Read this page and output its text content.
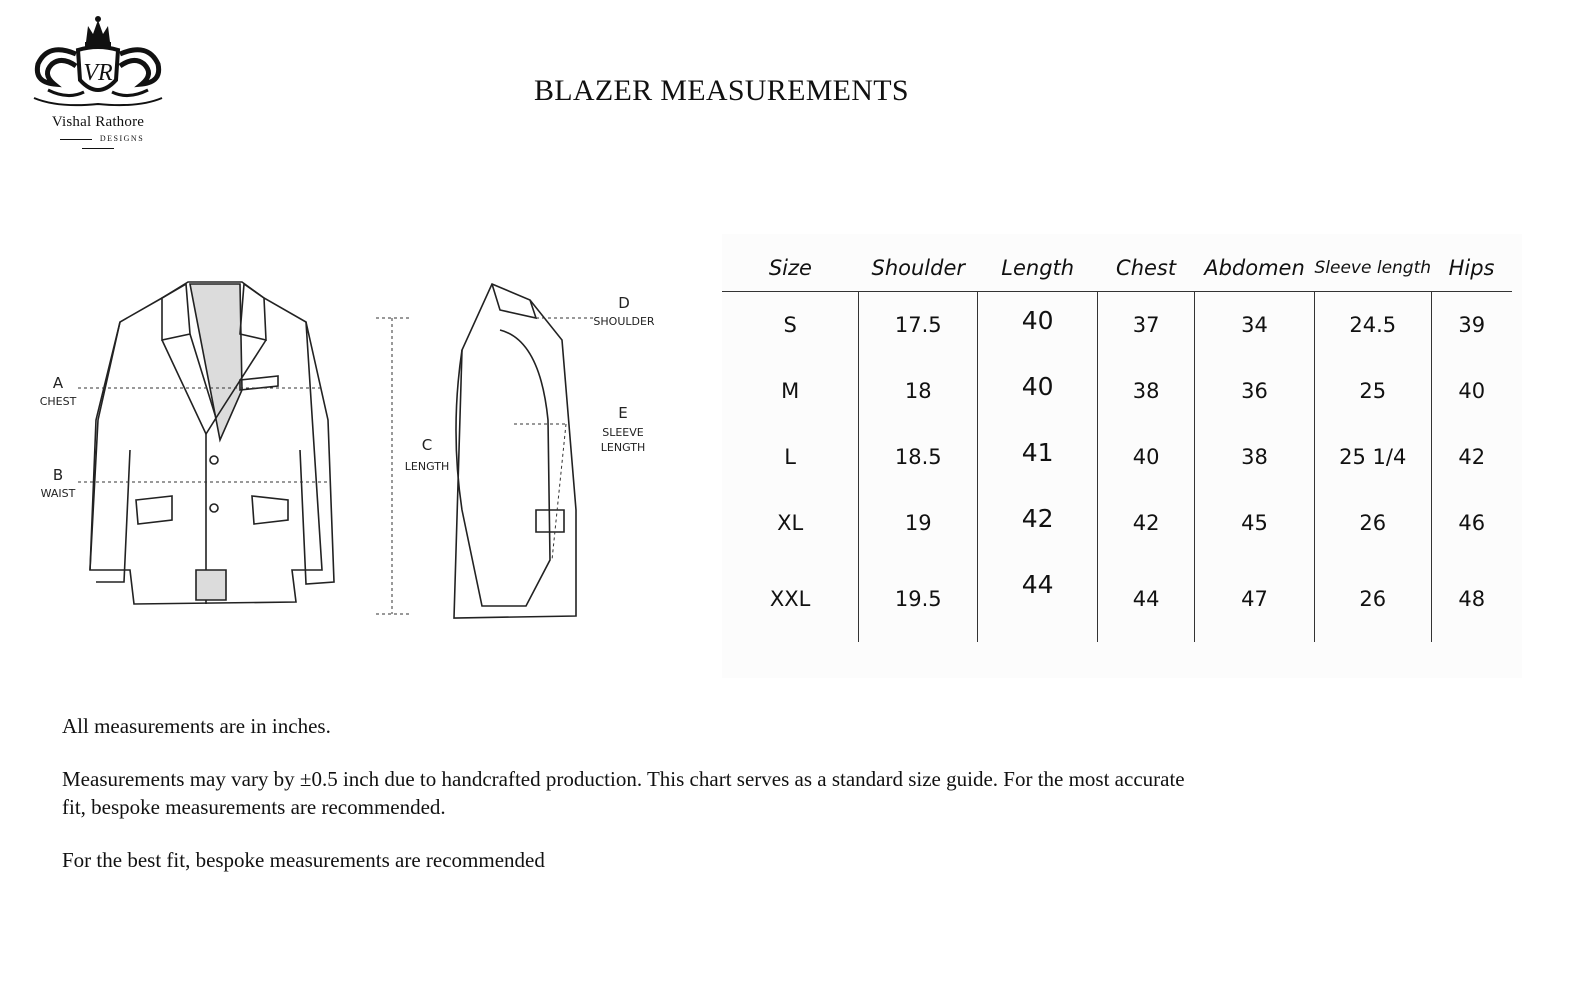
VR
Vishal Rathore
DESIGNS
BLAZER MEASUREMENTS
A
CHEST
B
WAIST
C
LENGTH
D
SHOULDER
E
SLEEVE
LENGTH
Size	Shoulder	Length	Chest	Abdomen	Sleeve length	Hips
S	17.5	40	37	34	24.5	39
M	18	40	38	36	25	40
L	18.5	41	40	38	25 1/4	42
XL	19	42	42	45	26	46
XXL	19.5	44	44	47	26	48

All measurements are in inches.

Measurements may vary by ±0.5 inch due to handcrafted production. This chart serves as a standard size guide. For the most accurate fit, bespoke measurements are recommended.

For the best fit, bespoke measurements are recommended
